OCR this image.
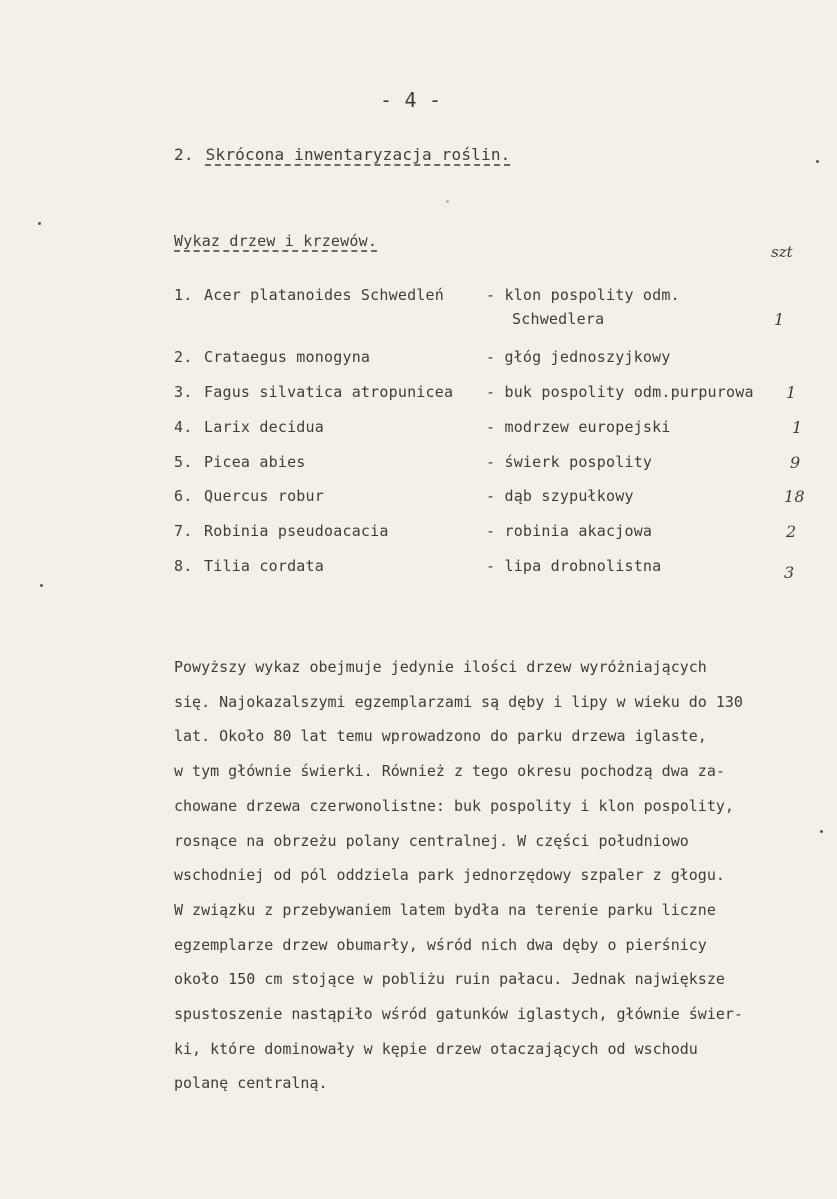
- 4 -
2. Skrócona inwentaryzacja roślin.
Wykaz drzew i krzewów.
szt
1. Acer platanoides Schwedleń	- klon pospolity odm.
Schwedlera	1
2. Crataegus monogyna	- głóg jednoszyjkowy
3. Fagus silvatica atropunicea - buk pospolity odm.purpurowa 1
4. Larix decidua	- modrzew europejski	1
5. Picea abies	- świerk pospolity	9
6. Quercus robur	- dąb szypułkowy	18
7. Robinia pseudoacacia	- robinia akacjowa	2
8. Tilia cordata	- lipa drobnolistna	3
Powyższy wykaz obejmuje jedynie ilości drzew wyróżniających
się. Najokazalszymi egzemplarzami są dęby i lipy w wieku do 130
lat. Około 80 lat temu wprowadzono do parku drzewa iglaste,
w tym głównie świerki. Również z tego okresu pochodzą dwa za-
chowane drzewa czerwonolistne: buk pospolity i klon pospolity,
rosnące na obrzeżu polany centralnej. W części południowo
wschodniej od pól oddziela park jednorzędowy szpaler z głogu.
W związku z przebywaniem latem bydła na terenie parku liczne
egzemplarze drzew obumarły, wśród nich dwa dęby o pierśnicy
około 150 cm stojące w pobliżu ruin pałacu. Jednak największe
spustoszenie nastąpiło wśród gatunków iglastych, głównie świer-
ki, które dominowały w kępie drzew otaczających od wschodu
polanę centralną.
